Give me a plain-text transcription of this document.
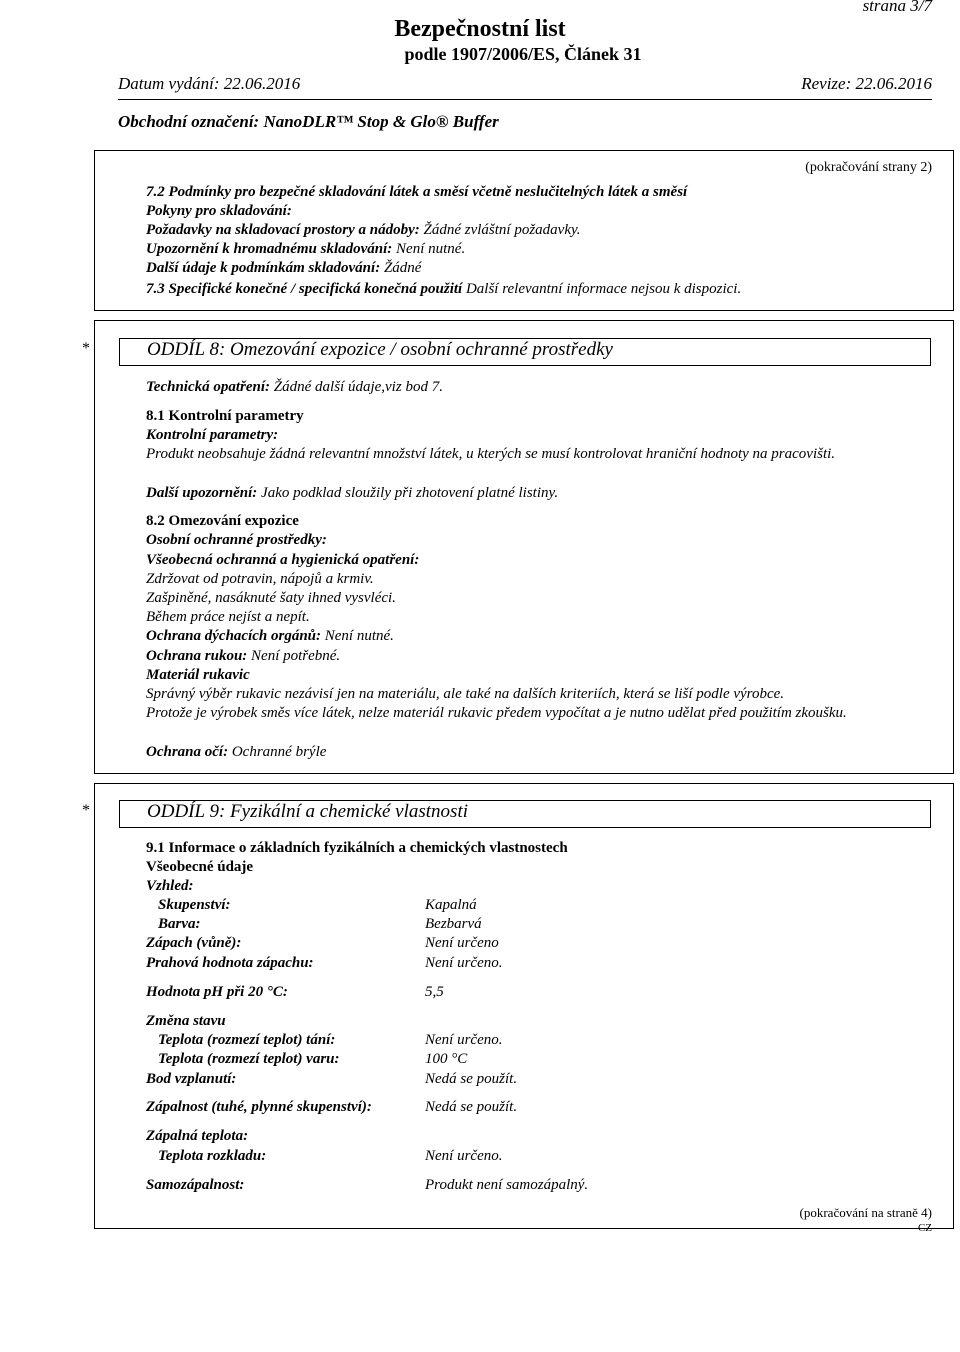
strana 3/7
Bezpečnostní list
podle 1907/2006/ES, Článek 31
Datum vydání: 22.06.2016	Revize: 22.06.2016
Obchodní označení: NanoDLR™ Stop & Glo® Buffer
(pokračování strany 2)

7.2 Podmínky pro bezpečné skladování látek a směsí včetně neslučitelných látek a směsí

Pokyny pro skladování:

Požadavky na skladovací prostory a nádoby: Žádné zvláštní požadavky.

Upozornění k hromadnému skladování: Není nutné.

Další údaje k podmínkám skladování: Žádné

7.3 Specifické konečné / specifická konečná použití Další relevantní informace nejsou k dispozici.

*	ODDÍL 8: Omezování expozice / osobní ochranné prostředky

Technická opatření: Žádné další údaje,viz bod 7.

8.1 Kontrolní parametry

Kontrolní parametry:

Produkt neobsahuje žádná relevantní množství látek, u kterých se musí kontrolovat hraniční hodnoty na pracovišti.

Další upozornění: Jako podklad sloužily při zhotovení platné listiny.

8.2 Omezování expozice

Osobní ochranné prostředky:

Všeobecná ochranná a hygienická opatření:

Zdržovat od potravin, nápojů a krmiv.

Zašpiněné, nasáknuté šaty ihned vysvléci.

Během práce nejíst a nepít.

Ochrana dýchacích orgánů: Není nutné.

Ochrana rukou: Není potřebné.

Materiál rukavic

Správný výběr rukavic nezávisí jen na materiálu, ale také na dalších kriteriích, která se liší podle výrobce.

Protože je výrobek směs více látek, nelze materiál rukavic předem vypočítat a je nutno udělat před použitím zkoušku.

Ochrana očí: Ochranné brýle

*	ODDÍL 9: Fyzikální a chemické vlastnosti

9.1 Informace o základních fyzikálních a chemických vlastnostech

Všeobecné údaje

Vzhled:

Skupenství:	Kapalná
Barva:	Bezbarvá
Zápach (vůně):	Není určeno
Prahová hodnota zápachu:	Není určeno.
Hodnota pH při 20 °C:	5,5
Změna stavu
Teplota (rozmezí teplot) tání:	Není určeno.
Teplota (rozmezí teplot) varu:	100 °C
Bod vzplanutí:	Nedá se použít.
Zápalnost (tuhé, plynné skupenství):	Nedá se použít.
Zápalná teplota:
Teplota rozkladu:	Není určeno.
Samozápalnost:	Produkt není samozápalný.
(pokračování na straně 4)
CZ
